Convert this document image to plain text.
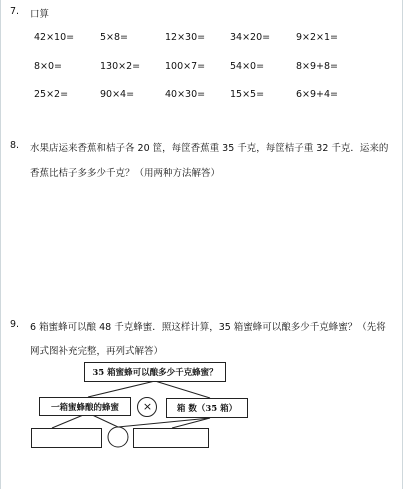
7. 口算
42×10=	5×8=	12×30=	34×20=	9×2×1=
8×0=	130×2=	100×7=	54×0=	8×9+8=
25×2=	90×4=	40×30=	15×5=	6×9+4=
8. 水果店运来香蕉和桔子各 20 筐，每筐香蕉重 35 千克，每筐桔子重 32 千克．运来的
香蕉比桔子多多少千克？（用两种方法解答）
9. 6 箱蜜蜂可以酿 48 千克蜂蜜．照这样计算，35 箱蜜蜂可以酿多少千克蜂蜜？（先将
网式图补充完整，再列式解答）
35 箱蜜蜂可以酿多少千克蜂蜜？
一箱蜜蜂酿的蜂蜜	×	箱 数（35 箱）
